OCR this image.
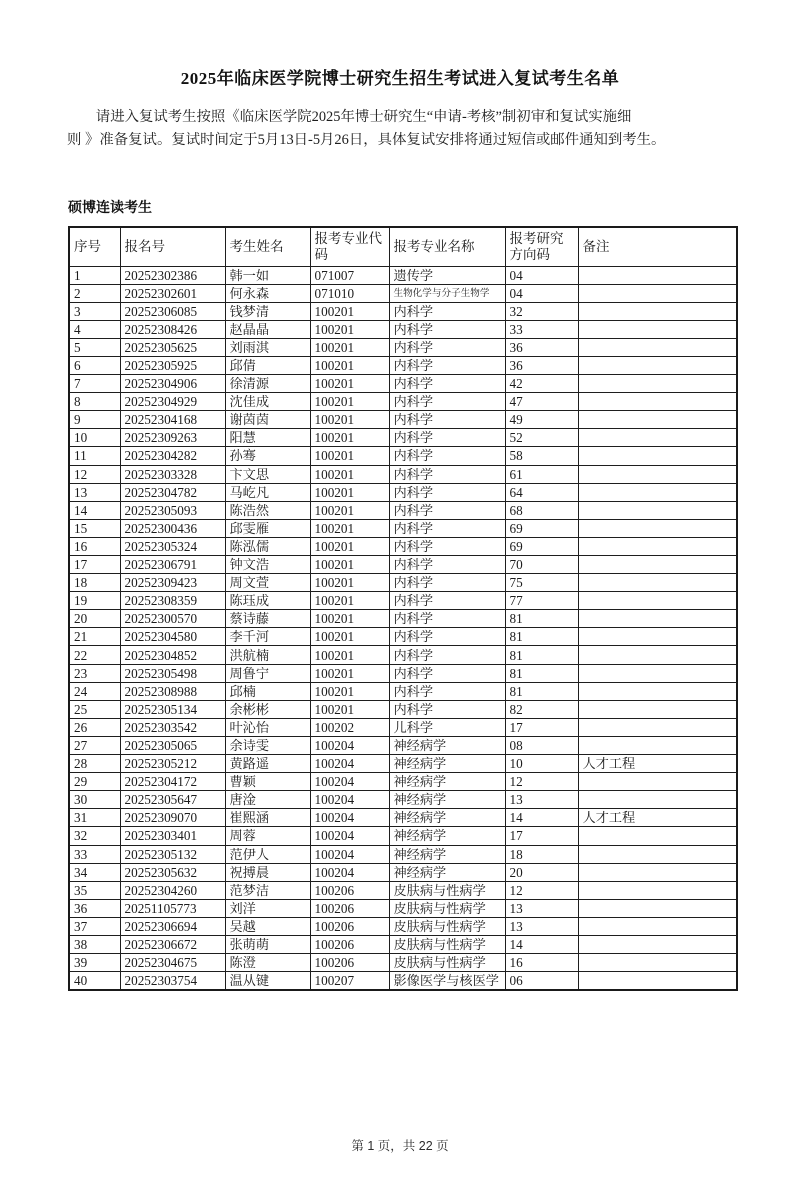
2025年临床医学院博士研究生招生考试进入复试考生名单
请进入复试考生按照《临床医学院2025年博士研究生“申请-考核”制初审和复试实施细
则 》准备复试。复试时间定于5月13日-5月26日，具体复试安排将通过短信或邮件通知到考生。
硕博连读考生
序号	报名号	考生姓名	报考专业代码	报考专业名称	报考研究方向码	备注
1	20252302386	韩一如	071007	遗传学	04	
2	20252302601	何永森	071010	生物化学与分子生物学	04	
3	20252306085	钱梦清	100201	内科学	32	
4	20252308426	赵晶晶	100201	内科学	33	
5	20252305625	刘雨淇	100201	内科学	36	
6	20252305925	邱倩	100201	内科学	36	
7	20252304906	徐清源	100201	内科学	42	
8	20252304929	沈佳成	100201	内科学	47	
9	20252304168	谢茵茵	100201	内科学	49	
10	20252309263	阳慧	100201	内科学	52	
11	20252304282	孙骞	100201	内科学	58	
12	20252303328	卞文思	100201	内科学	61	
13	20252304782	马屹凡	100201	内科学	64	
14	20252305093	陈浩然	100201	内科学	68	
15	20252300436	邱雯雁	100201	内科学	69	
16	20252305324	陈泓儒	100201	内科学	69	
17	20252306791	钟文浩	100201	内科学	70	
18	20252309423	周文萱	100201	内科学	75	
19	20252308359	陈珏成	100201	内科学	77	
20	20252300570	蔡诗藤	100201	内科学	81	
21	20252304580	李千河	100201	内科学	81	
22	20252304852	洪航楠	100201	内科学	81	
23	20252305498	周鲁宁	100201	内科学	81	
24	20252308988	邱楠	100201	内科学	81	
25	20252305134	余彬彬	100201	内科学	82	
26	20252303542	叶沁怡	100202	儿科学	17	
27	20252305065	余诗雯	100204	神经病学	08	
28	20252305212	黄路遥	100204	神经病学	10	人才工程
29	20252304172	曹颖	100204	神经病学	12	
30	20252305647	唐淦	100204	神经病学	13	
31	20252309070	崔熙涵	100204	神经病学	14	人才工程
32	20252303401	周蓉	100204	神经病学	17	
33	20252305132	范伊人	100204	神经病学	18	
34	20252305632	祝搏晨	100204	神经病学	20	
35	20252304260	范梦洁	100206	皮肤病与性病学	12	
36	20251105773	刘洋	100206	皮肤病与性病学	13	
37	20252306694	吴越	100206	皮肤病与性病学	13	
38	20252306672	张萌萌	100206	皮肤病与性病学	14	
39	20252304675	陈澄	100206	皮肤病与性病学	16	
40	20252303754	温从键	100207	影像医学与核医学	06	
第 1 页，共 22 页
